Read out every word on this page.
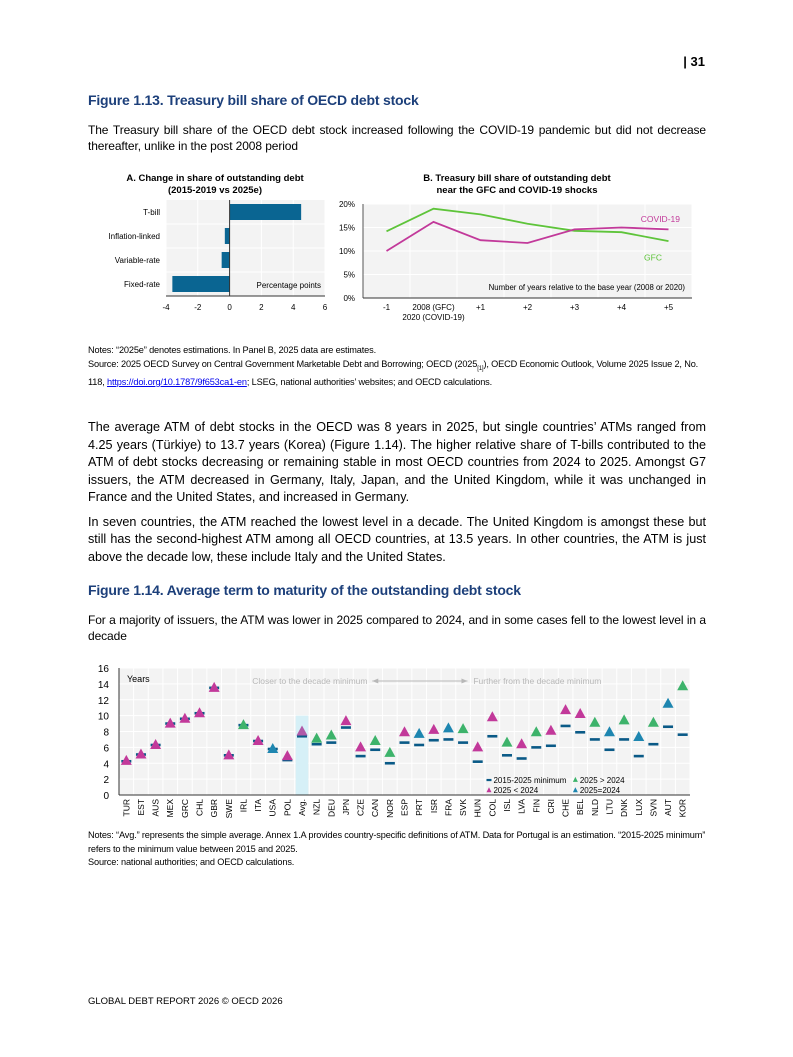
| 31
Figure 1.13. Treasury bill share of OECD debt stock
The Treasury bill share of the OECD debt stock increased following the COVID-19 pandemic but did not decrease thereafter, unlike in the post 2008 period
A. Change in share of outstanding debt
(2015-2019 vs 2025e)
-4	-2	0	2	4	6
T-bill
Inflation-linked
Variable-rate
Fixed-rate	Percentage points
B. Treasury bill share of outstanding debt
near the GFC and COVID-19 shocks
0%
5%
10%
15%
20%
-1	2008 (GFC)	+1	+2	+3	+4	+5
2020 (COVID-19)
COVID-19
GFC
Number of years relative to the base year (2008 or 2020)
Notes: “2025e” denotes estimations. In Panel B, 2025 data are estimates.
Source: 2025 OECD Survey on Central Government Marketable Debt and Borrowing; OECD $(2025_{[1]})$, OECD Economic Outlook, Volume 2025 Issue 2, No. 118, https://doi.org/10.1787/9f653ca1-en; LSEG, national authorities’ websites; and OECD calculations.

The average ATM of debt stocks in the OECD was 8 years in 2025, but single countries’ ATMs ranged from 4.25 years (Türkiye) to 13.7 years (Korea) (Figure 1.14). The higher relative share of T-bills contributed to the ATM of debt stocks decreasing or remaining stable in most OECD countries from 2024 to 2025. Amongst G7 issuers, the ATM decreased in Germany, Italy, Japan, and the United Kingdom, while it was unchanged in France and the United States, and increased in Germany.

In seven countries, the ATM reached the lowest level in a decade. The United Kingdom is amongst these but still has the second-highest ATM among all OECD countries, at 13.5 years. In other countries, the ATM is just above the decade low, these include Italy and the United States.

Figure 1.14. Average term to maturity of the outstanding debt stock
For a majority of issuers, the ATM was lower in 2025 compared to 2024, and in some cases fell to the lowest level in a decade
0
2
4
6
8
10
12
14
16
Years	Closer to the decade minimum	Further from the decade minimum
TUR EST AUS MEX GRC CHL GBR SWE IRL ITA USA POL Avg. NZL DEU JPN CZE CAN NOR ESP PRT ISR FRA SVK HUN COL ISL LVA FIN CRI CHE BEL NLD LTU DNK LUX SVN AUT KOR
2015-2025 minimum 2025 > 2024
2025 < 2024	2025=2024
Notes: “Avg.” represents the simple average. Annex 1.A provides country-specific definitions of ATM. Data for Portugal is an estimation. “2015-2025 minimum” refers to the minimum value between 2015 and 2025.
Source: national authorities; and OECD calculations.
GLOBAL DEBT REPORT 2026 © OECD 2026
